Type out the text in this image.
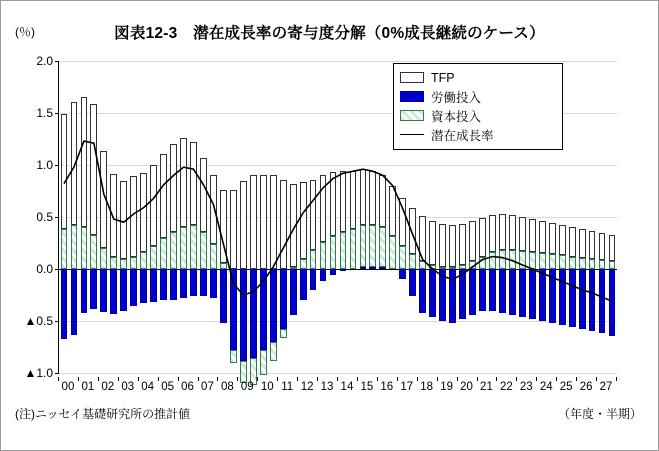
(％)	図表12-3　潜在成長率の寄与度分解（0%成長継続のケース）
2.0
1.5
1.0
0.5
0.0
▲0.5
▲1.0
00 01 02 03 04 05 06 07 08 09 10 11 12 13 14 15 16 17 18 19 20 21 22 23 24 25 26 27
TFP
労働投入
資本投入
潜在成長率
(注)ニッセイ基礎研究所の推計値	（年度・半期）
